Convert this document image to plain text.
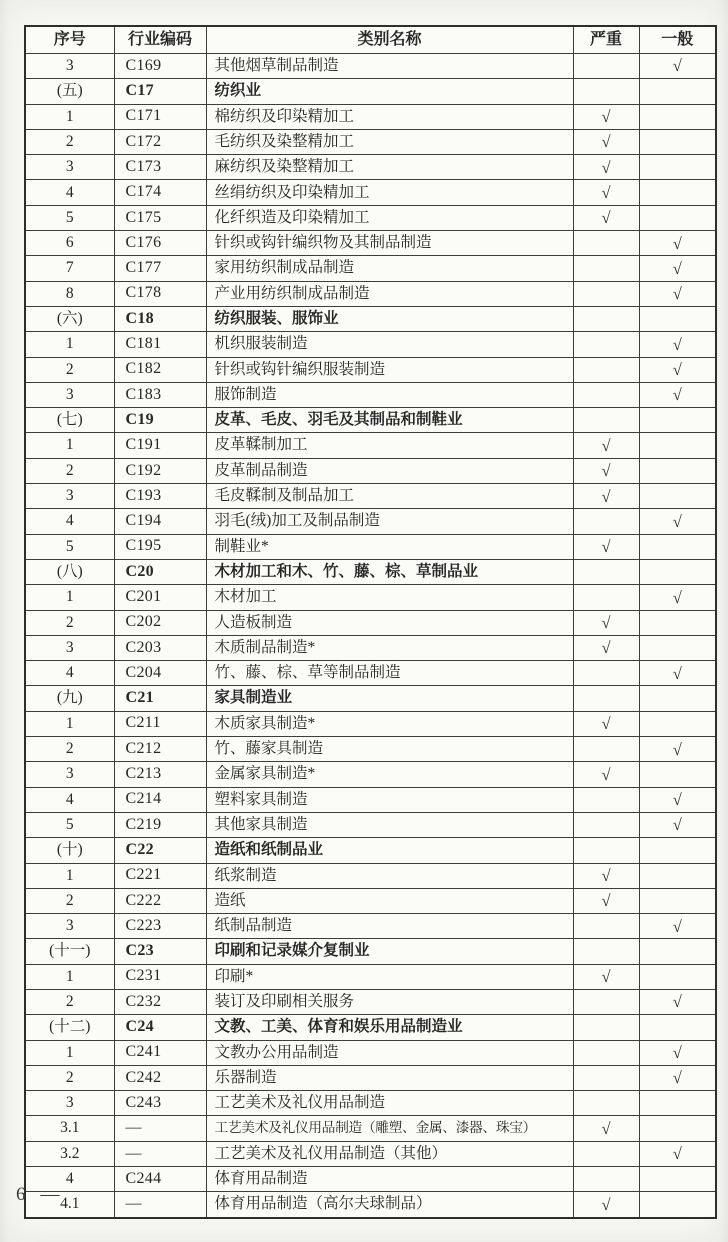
序号	行业编码	类别名称	严重	一般
3	C169	其他烟草制品制造		√
(五)	C17	纺织业		
1	C171	棉纺织及印染精加工	√	
2	C172	毛纺织及染整精加工	√	
3	C173	麻纺织及染整精加工	√	
4	C174	丝绢纺织及印染精加工	√	
5	C175	化纤织造及印染精加工	√	
6	C176	针织或钩针编织物及其制品制造		√
7	C177	家用纺织制成品制造		√
8	C178	产业用纺织制成品制造		√
(六)	C18	纺织服装、服饰业		
1	C181	机织服装制造		√
2	C182	针织或钩针编织服装制造		√
3	C183	服饰制造		√
(七)	C19	皮革、毛皮、羽毛及其制品和制鞋业		
1	C191	皮革鞣制加工	√	
2	C192	皮革制品制造	√	
3	C193	毛皮鞣制及制品加工	√	
4	C194	羽毛(绒)加工及制品制造		√
5	C195	制鞋业*	√	
(八)	C20	木材加工和木、竹、藤、棕、草制品业		
1	C201	木材加工		√
2	C202	人造板制造	√	
3	C203	木质制品制造*	√	
4	C204	竹、藤、棕、草等制品制造		√
(九)	C21	家具制造业		
1	C211	木质家具制造*	√	
2	C212	竹、藤家具制造		√
3	C213	金属家具制造*	√	
4	C214	塑料家具制造		√
5	C219	其他家具制造		√
(十)	C22	造纸和纸制品业		
1	C221	纸浆制造	√	
2	C222	造纸	√	
3	C223	纸制品制造		√
(十一)	C23	印刷和记录媒介复制业		
1	C231	印刷*	√	
2	C232	装订及印刷相关服务		√
(十二)	C24	文教、工美、体育和娱乐用品制造业		
1	C241	文教办公用品制造		√
2	C242	乐器制造		√
3	C243	工艺美术及礼仪用品制造		
3.1	—	工艺美术及礼仪用品制造（雕塑、金属、漆器、珠宝）	√	
3.2	—	工艺美术及礼仪用品制造（其他）		√
4	C244	体育用品制造		
4.1	—	体育用品制造（高尔夫球制品）	√	
6 —
